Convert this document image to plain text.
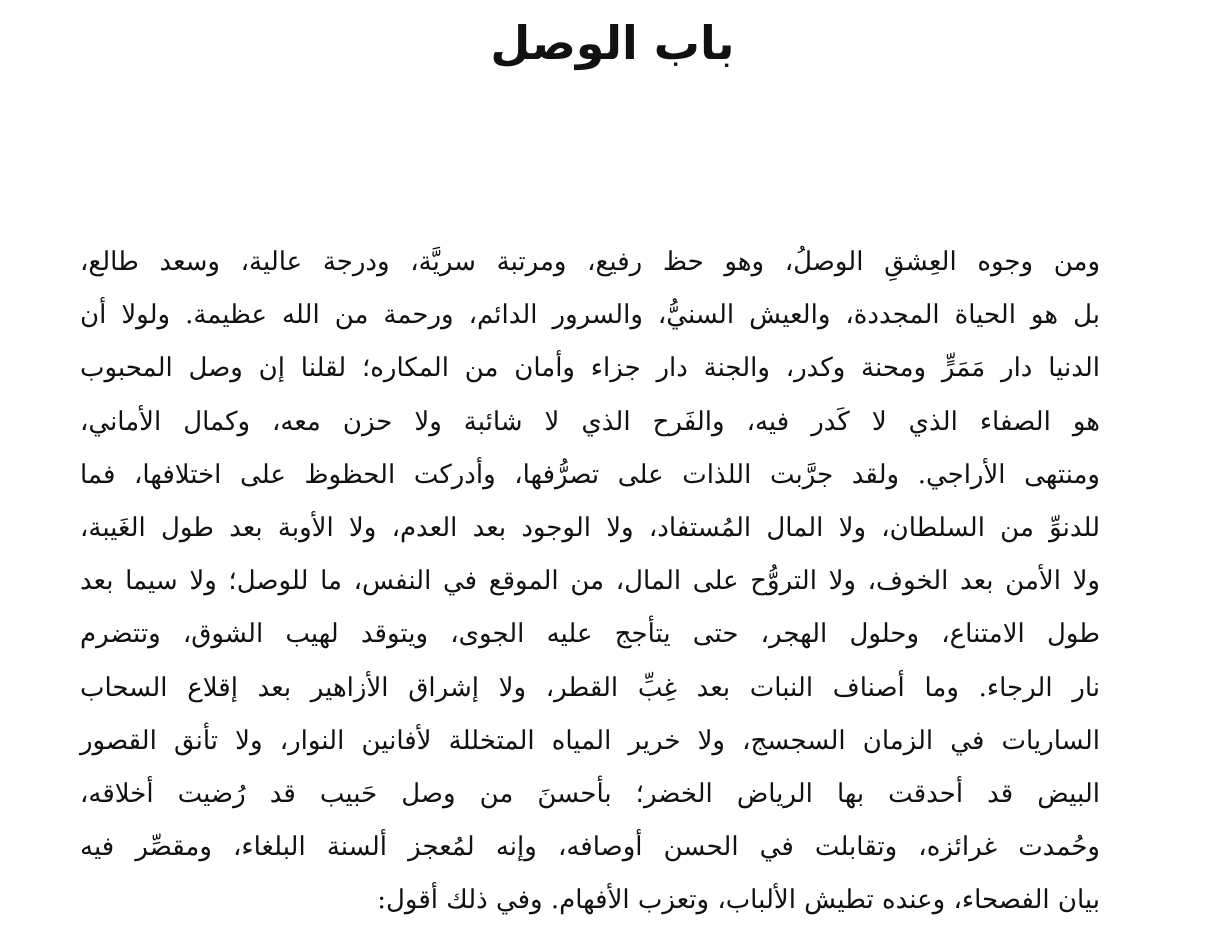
باب الوصل
ومن وجوه العِشقِ الوصلُ، وهو حظ رفيع، ومرتبة سريَّة، ودرجة عالية، وسعد طالع،
بل هو الحياة المجددة، والعيش السنيُّ، والسرور الدائم، ورحمة من الله عظيمة. ولولا أن
الدنيا دار مَمَرٍّ ومحنة وكدر، والجنة دار جزاء وأمان من المكاره؛ لقلنا إن وصل المحبوب
هو الصفاء الذي لا كَدر فيه، والفَرح الذي لا شائبة ولا حزن معه، وكمال الأماني،
ومنتهى الأراجي. ولقد جرَّبت اللذات على تصرُّفها، وأدركت الحظوظ على اختلافها، فما
للدنوِّ من السلطان، ولا المال المُستفاد، ولا الوجود بعد العدم، ولا الأوبة بعد طول الغَيبة،
ولا الأمن بعد الخوف، ولا التروُّح على المال، من الموقع في النفس، ما للوصل؛ ولا سيما بعد
طول الامتناع، وحلول الهجر، حتى يتأجج عليه الجوى، ويتوقد لهيب الشوق، وتتضرم
نار الرجاء. وما أصناف النبات بعد غِبِّ القطر، ولا إشراق الأزاهير بعد إقلاع السحاب
الساريات في الزمان السجسج، ولا خرير المياه المتخللة لأفانين النوار، ولا تأنق القصور
البيض قد أحدقت بها الرياض الخضر؛ بأحسنَ من وصل حَبيب قد رُضيت أخلاقه،
وحُمدت غرائزه، وتقابلت في الحسن أوصافه، وإنه لمُعجز ألسنة البلغاء، ومقصِّر فيه
بيان الفصحاء، وعنده تطيش الألباب، وتعزب الأفهام. وفي ذلك أقول:
